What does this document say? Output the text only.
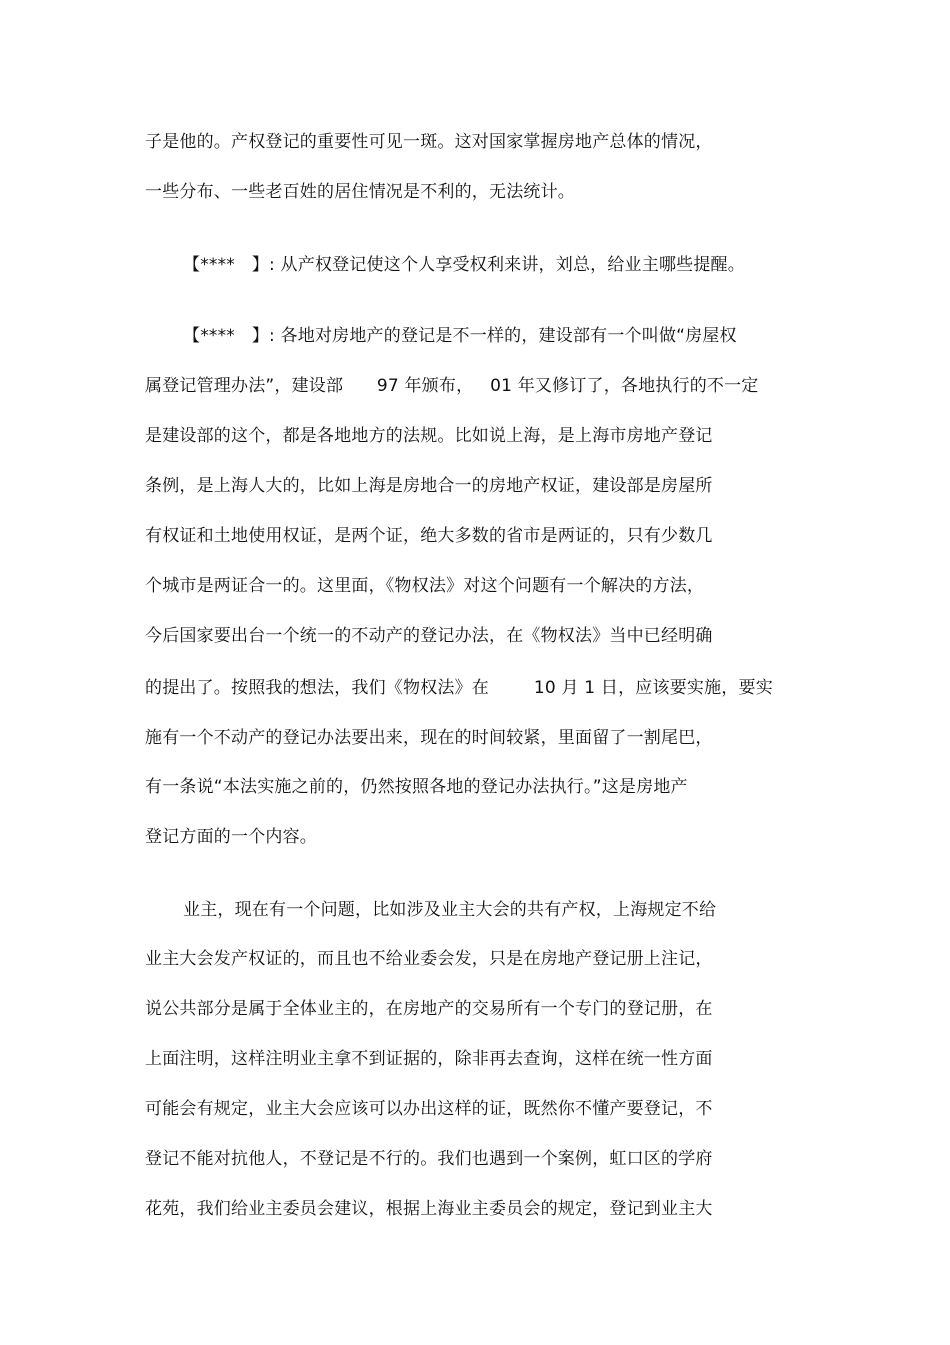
子是他的。产权登记的重要性可见一斑。这对国家掌握房地产总体的情况，
一些分布、一些老百姓的居住情况是不利的，无法统计。
【****   】: 从产权登记使这个人享受权利来讲，刘总，给业主哪些提醒。
【****   】: 各地对房地产的登记是不一样的，建设部有一个叫做“房屋权
属登记管理办法”，建设部      97 年颁布，   01 年又修订了，各地执行的不一定
是建设部的这个，都是各地地方的法规。比如说上海，是上海市房地产登记
条例，是上海人大的，比如上海是房地合一的房地产权证，建设部是房屋所
有权证和土地使用权证，是两个证，绝大多数的省市是两证的，只有少数几
个城市是两证合一的。这里面，《物权法》对这个问题有一个解决的方法，
今后国家要出台一个统一的不动产的登记办法，在《物权法》当中已经明确
的提出了。按照我的想法，我们《物权法》在        10 月 1 日，应该要实施，要实
施有一个不动产的登记办法要出来，现在的时间较紧，里面留了一割尾巴，
有一条说“本法实施之前的，仍然按照各地的登记办法执行。”这是房地产
登记方面的一个内容。
业主，现在有一个问题，比如涉及业主大会的共有产权，上海规定不给
业主大会发产权证的，而且也不给业委会发，只是在房地产登记册上注记，
说公共部分是属于全体业主的，在房地产的交易所有一个专门的登记册，在
上面注明，这样注明业主拿不到证据的，除非再去查询，这样在统一性方面
可能会有规定，业主大会应该可以办出这样的证，既然你不懂产要登记，不
登记不能对抗他人，不登记是不行的。我们也遇到一个案例，虹口区的学府
花苑，我们给业主委员会建议，根据上海业主委员会的规定，登记到业主大
